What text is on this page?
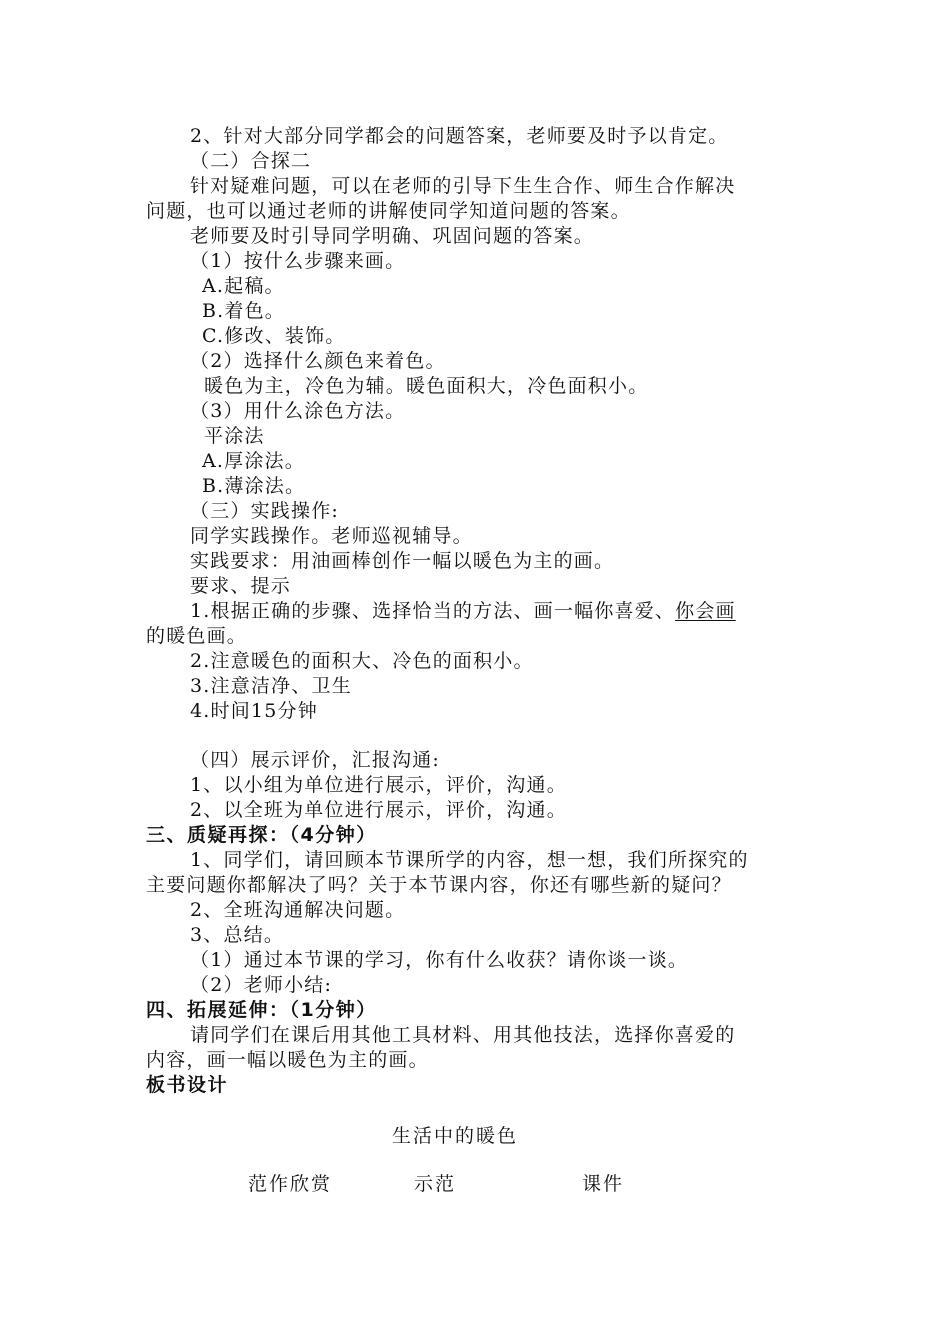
2、针对大部分同学都会的问题答案，老师要及时予以肯定。
（二）合探二
针对疑难问题，可以在老师的引导下生生合作、师生合作解决
问题，也可以通过老师的讲解使同学知道问题的答案。
老师要及时引导同学明确、巩固问题的答案。
（1）按什么步骤来画。
A.起稿。
B.着色。
C.修改、装饰。
（2）选择什么颜色来着色。
暖色为主，冷色为辅。暖色面积大，冷色面积小。
（3）用什么涂色方法。
平涂法
A.厚涂法。
B.薄涂法。
（三）实践操作:
同学实践操作。老师巡视辅导。
实践要求：用油画棒创作一幅以暖色为主的画。
要求、提示
1.根据正确的步骤、选择恰当的方法、画一幅你喜爱、你会画
的暖色画。
2.注意暖色的面积大、冷色的面积小。
3.注意洁净、卫生
4.时间15分钟
（四）展示评价，汇报沟通:
1、以小组为单位进行展示，评价，沟通。
2、以全班为单位进行展示，评价，沟通。
三、质疑再探：（4分钟）
1、同学们，请回顾本节课所学的内容，想一想，我们所探究的
主要问题你都解决了吗？关于本节课内容，你还有哪些新的疑问？
2、全班沟通解决问题。
3、总结。
（1）通过本节课的学习，你有什么收获？请你谈一谈。
（2）老师小结:
四、拓展延伸：（1分钟）
请同学们在课后用其他工具材料、用其他技法，选择你喜爱的
内容，画一幅以暖色为主的画。
板书设计
生活中的暖色
范作欣赏	示范	课件
